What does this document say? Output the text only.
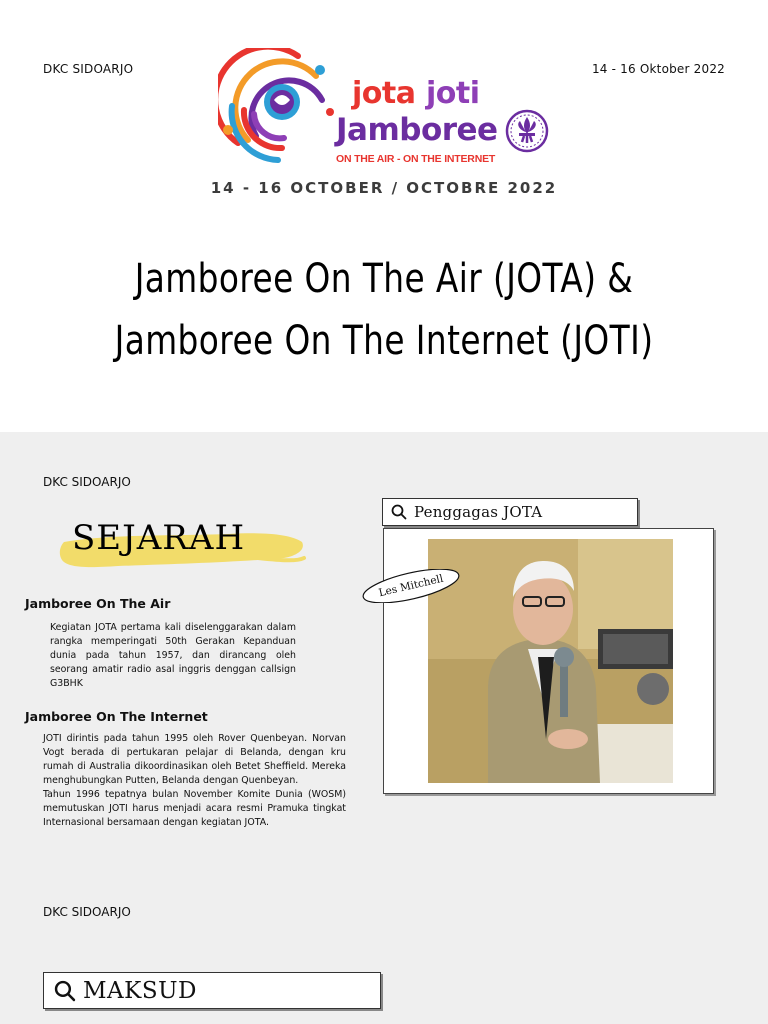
DKC SIDOARJO	14 - 16 Oktober 2022
jota joti
Jamboree
ON THE AIR - ON THE INTERNET
14 - 16 OCTOBER / OCTOBRE 2022
Jamboree On The Air (JOTA) &
Jamboree On The Internet (JOTI)
DKC SIDOARJO
SEJARAH
Jamboree On The Air
Kegiatan JOTA pertama kali diselenggarakan dalam rangka memperingati 50th Gerakan Kepanduan dunia pada tahun 1957, dan dirancang oleh seorang amatir radio asal inggris denggan callsign G3BHK
Jamboree On The Internet
JOTI dirintis pada tahun 1995 oleh Rover Quenbeyan. Norvan Vogt berada di pertukaran pelajar di Belanda, dengan kru rumah di Australia dikoordinasikan oleh Betet Sheffield. Mereka menghubungkan Putten, Belanda dengan Quenbeyan.
Tahun 1996 tepatnya bulan November Komite Dunia (WOSM) memutuskan JOTI harus menjadi acara resmi Pramuka tingkat Internasional bersamaan dengan kegiatan JOTA.
Penggagas JOTA
Les Mitchell
DKC SIDOARJO
MAKSUD
